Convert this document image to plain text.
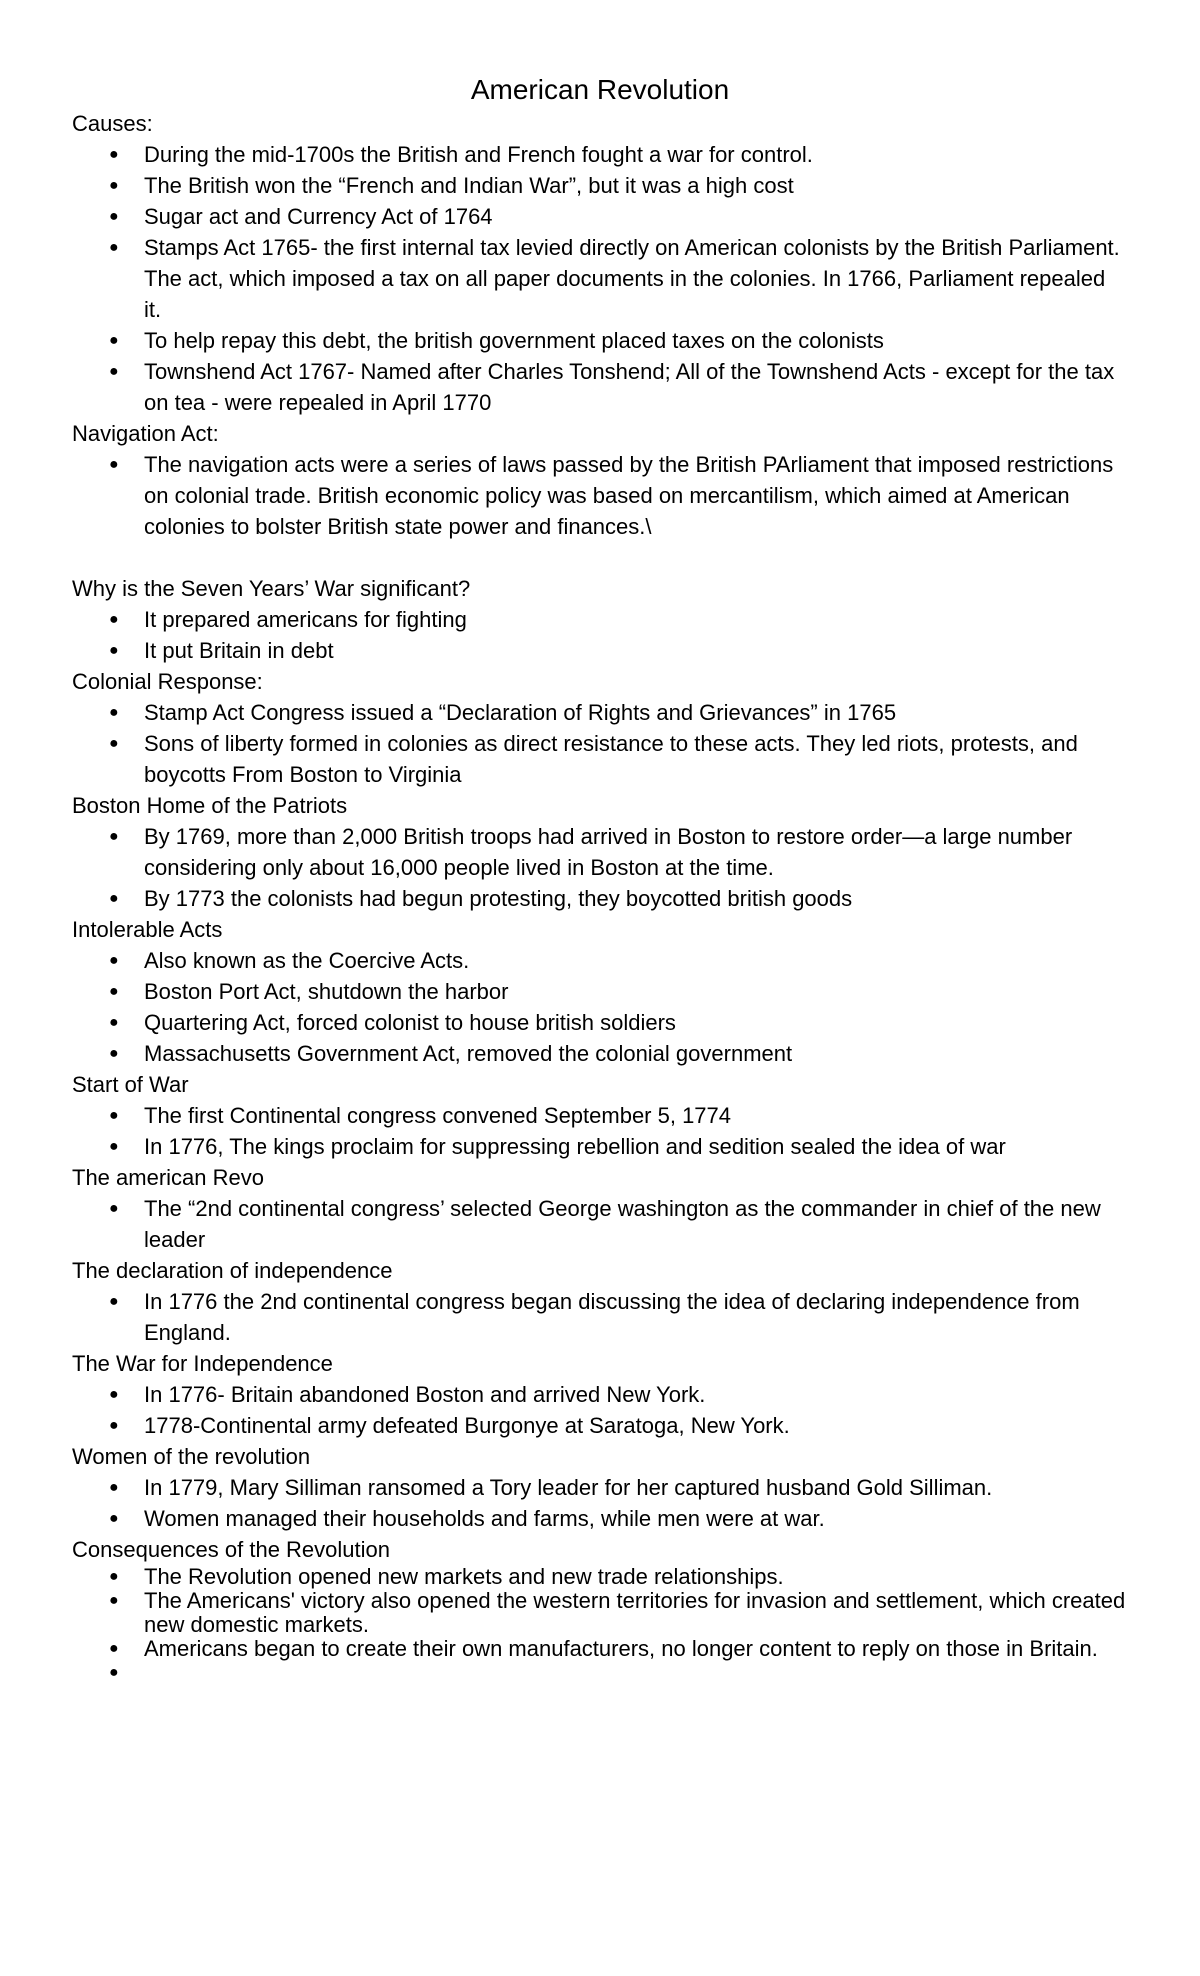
American Revolution
Causes:
● During the mid-1700s the British and French fought a war for control.
● The British won the “French and Indian War”, but it was a high cost
● Sugar act and Currency Act of 1764
● Stamps Act 1765- the first internal tax levied directly on American colonists by the British Parliament. The act, which imposed a tax on all paper documents in the colonies. In 1766, Parliament repealed it.
● To help repay this debt, the british government placed taxes on the colonists
● Townshend Act 1767- Named after Charles Tonshend; All of the Townshend Acts - except for the tax on tea - were repealed in April 1770
Navigation Act:
● The navigation acts were a series of laws passed by the British PArliament that imposed restrictions on colonial trade. British economic policy was based on mercantilism, which aimed at American colonies to bolster British state power and finances.\
Why is the Seven Years’ War significant?
● It prepared americans for fighting
● It put Britain in debt
Colonial Response:
● Stamp Act Congress issued a “Declaration of Rights and Grievances” in 1765
● Sons of liberty formed in colonies as direct resistance to these acts. They led riots, protests, and boycotts From Boston to Virginia
Boston Home of the Patriots
● By 1769, more than 2,000 British troops had arrived in Boston to restore order—a large number considering only about 16,000 people lived in Boston at the time.
● By 1773 the colonists had begun protesting, they boycotted british goods
Intolerable Acts
● Also known as the Coercive Acts.
● Boston Port Act, shutdown the harbor
● Quartering Act, forced colonist to house british soldiers
● Massachusetts Government Act, removed the colonial government
Start of War
● The first Continental congress convened September 5, 1774
● In 1776, The kings proclaim for suppressing rebellion and sedition sealed the idea of war
The american Revo
● The “2nd continental congress’ selected George washington as the commander in chief of the new leader
The declaration of independence
● In 1776 the 2nd continental congress began discussing the idea of declaring independence from England.
The War for Independence
● In 1776- Britain abandoned Boston and arrived New York.
● 1778-Continental army defeated Burgonye at Saratoga, New York.
Women of the revolution
● In 1779, Mary Silliman ransomed a Tory leader for her captured husband Gold Silliman.
● Women managed their households and farms, while men were at war.
Consequences of the Revolution
● The Revolution opened new markets and new trade relationships.
● The Americans' victory also opened the western territories for invasion and settlement, which created new domestic markets.
● Americans began to create their own manufacturers, no longer content to reply on those in Britain.
●
